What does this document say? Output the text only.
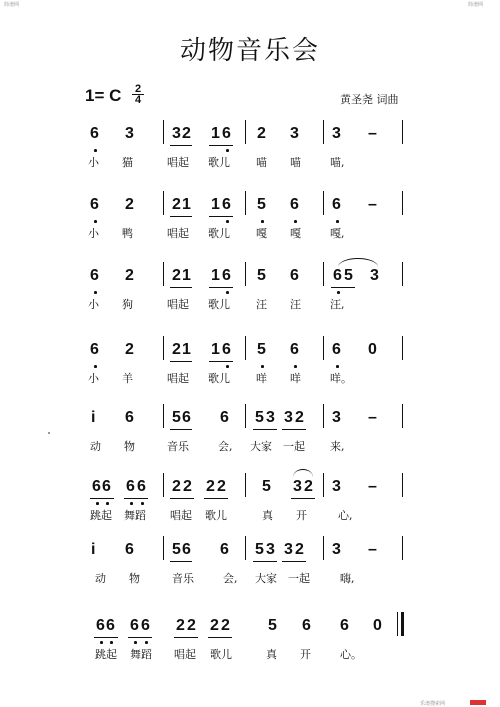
简谱网	简谱网
动物音乐会
1= C 2
4	黄圣尧 词曲
6 3 3 2 1 6 2 3 3 –
小 猫	唱起 歌儿 喵 喵	喵,
6 2 2 1 1 6 5 6 6 –
小 鸭	唱起 歌儿 嘎 嘎	嘎,
6 2 2 1 1 6 5 6 6 5 3
小 狗	唱起 歌儿 汪 汪	汪,
6 2 2 1 1 6 5 6 6 0
小 羊	唱起 歌儿 咩 咩	咩。
i 6 5 6 6 5 3 3 2 3 –
动 物	音乐	会, 大家 一起 来,
6 6 6 6 2 2 2 2 5 3 2 3 –
跳起 舞蹈 唱起 歌儿	真 开	心,
i 6 5 6 6 5 3 3 2 3 –
动 物	音乐	会, 大家 一起	嗨,
6 6 6 6 2 2 2 2 5 6 6 0
跳起 舞蹈 唱起 歌儿	真 开	心。
乐谱搜索网
